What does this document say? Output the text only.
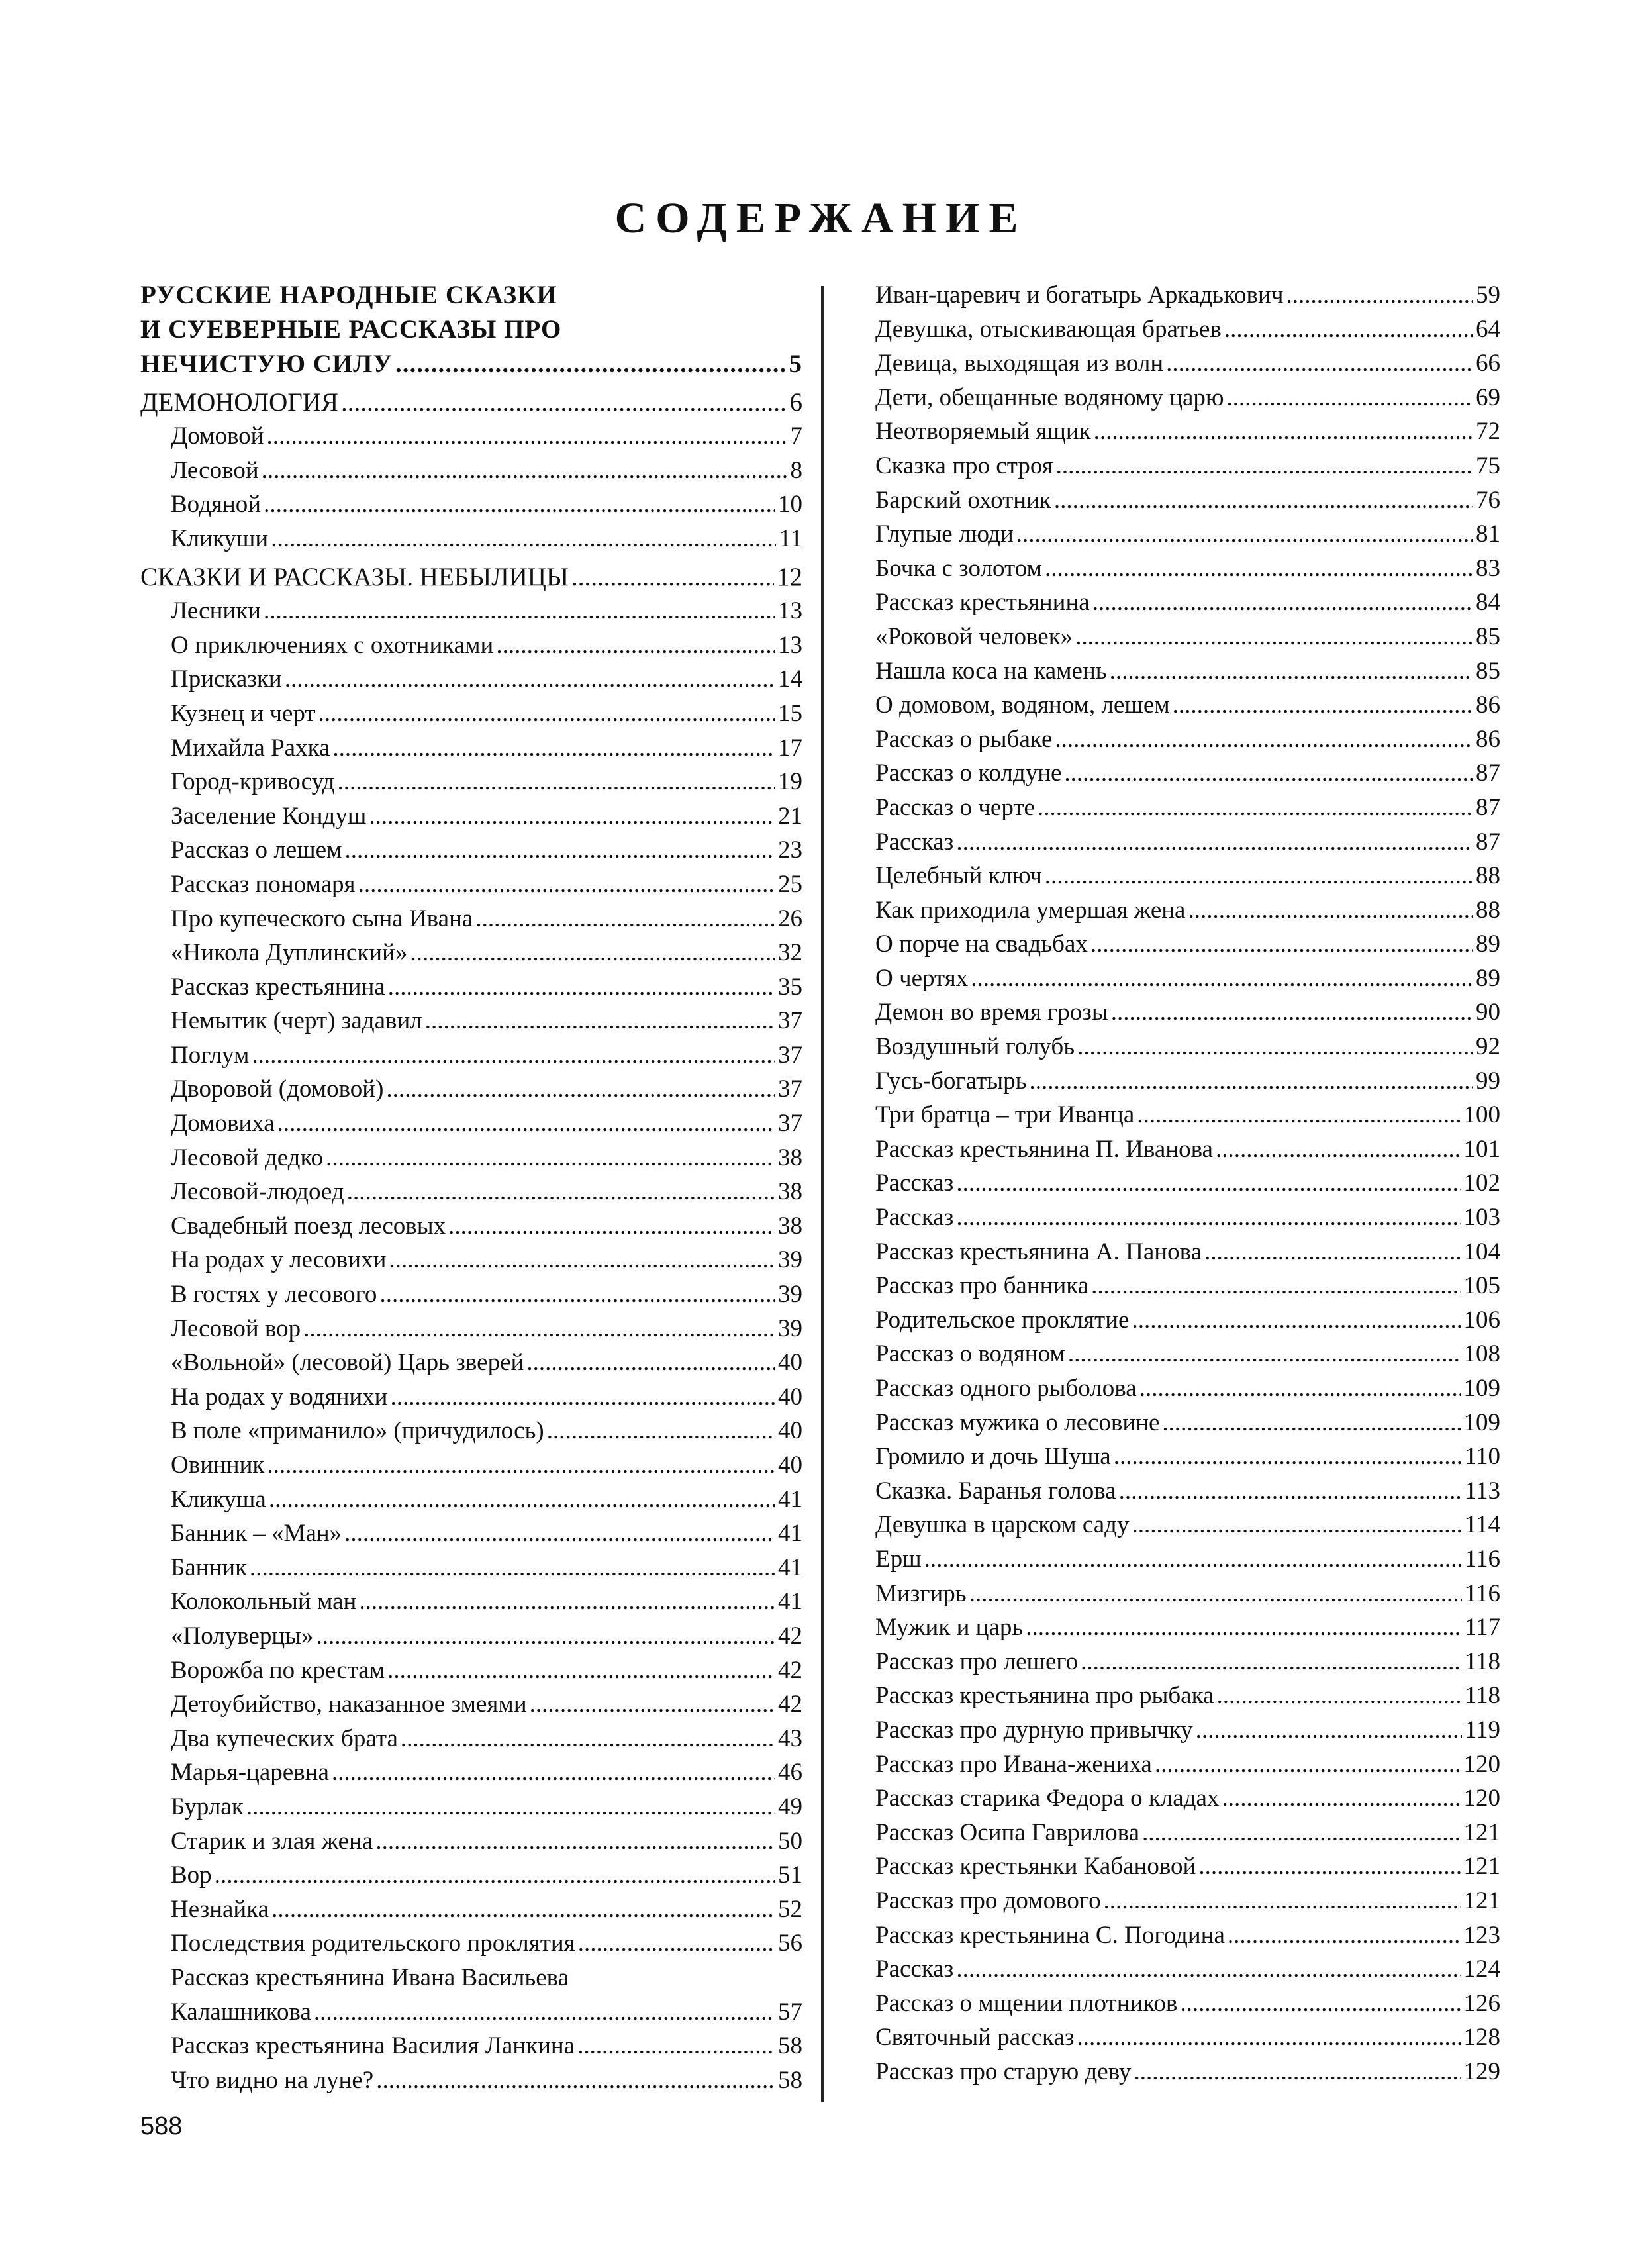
СОДЕРЖАНИЕ
РУССКИЕ НАРОДНЫЕ СКАЗКИ
И СУЕВЕРНЫЕ РАССКАЗЫ ПРО
НЕЧИСТУЮ СИЛУ .....	5
ДЕМОНОЛОГИЯ .....	6
Домовой .....	7
Лесовой .....	8
Водяной .....	10
Кликуши .....	11
СКАЗКИ И РАССКАЗЫ. НЕБЫЛИЦЫ .....	12
Лесники .....	13
О приключениях с охотниками .....	13
Присказки .....	14
Кузнец и черт .....	15
Михайла Рахка .....	17
Город-кривосуд .....	19
Заселение Кондуш .....	21
Рассказ о лешем .....	23
Рассказ пономаря .....	25
Про купеческого сына Ивана .....	26
«Никола Дуплинский» .....	32
Рассказ крестьянина .....	35
Немытик (черт) задавил .....	37
Поглум .....	37
Дворовой (домовой) .....	37
Домовиха .....	37
Лесовой дедко .....	38
Лесовой-людоед .....	38
Свадебный поезд лесовых .....	38
На родах у лесовихи .....	39
В гостях у лесового .....	39
Лесовой вор .....	39
«Вольной» (лесовой) Царь зверей .....	40
На родах у водянихи .....	40
В поле «приманило» (причудилось) .....	40
Овинник .....	40
Кликуша .....	41
Банник – «Ман» .....	41
Банник .....	41
Колокольный ман .....	41
«Полуверцы» .....	42
Ворожба по крестам .....	42
Детоубийство, наказанное змеями .....	42
Два купеческих брата .....	43
Марья-царевна .....	46
Бурлак .....	49
Старик и злая жена .....	50
Вор .....	51
Незнайка .....	52
Последствия родительского проклятия .....	56
Рассказ крестьянина Ивана Васильева
Калашникова .....	57
Рассказ крестьянина Василия Ланкина .....	58
Что видно на луне? .....	58
Иван-царевич и богатырь Аркадькович .....	59
Девушка, отыскивающая братьев .....	64
Девица, выходящая из волн .....	66
Дети, обещанные водяному царю .....	69
Неотворяемый ящик .....	72
Сказка про строя .....	75
Барский охотник .....	76
Глупые люди .....	81
Бочка с золотом .....	83
Рассказ крестьянина .....	84
«Роковой человек» .....	85
Нашла коса на камень .....	85
О домовом, водяном, лешем .....	86
Рассказ о рыбаке .....	86
Рассказ о колдуне .....	87
Рассказ о черте .....	87
Рассказ .....	87
Целебный ключ .....	88
Как приходила умершая жена .....	88
О порче на свадьбах .....	89
О чертях .....	89
Демон во время грозы .....	90
Воздушный голубь .....	92
Гусь-богатырь .....	99
Три братца – три Иванца .....	100
Рассказ крестьянина П. Иванова .....	101
Рассказ .....	102
Рассказ .....	103
Рассказ крестьянина А. Панова .....	104
Рассказ про банника .....	105
Родительское проклятие .....	106
Рассказ о водяном .....	108
Рассказ одного рыболова .....	109
Рассказ мужика о лесовине .....	109
Громило и дочь Шуша .....	110
Сказка. Баранья голова .....	113
Девушка в царском саду .....	114
Ерш .....	116
Мизгирь .....	116
Мужик и царь .....	117
Рассказ про лешего .....	118
Рассказ крестьянина про рыбака .....	118
Рассказ про дурную привычку .....	119
Рассказ про Ивана-жениха .....	120
Рассказ старика Федора о кладах .....	120
Рассказ Осипа Гаврилова .....	121
Рассказ крестьянки Кабановой .....	121
Рассказ про домового .....	121
Рассказ крестьянина С. Погодина .....	123
Рассказ .....	124
Рассказ о мщении плотников .....	126
Святочный рассказ .....	128
Рассказ про старую деву .....	129
588
